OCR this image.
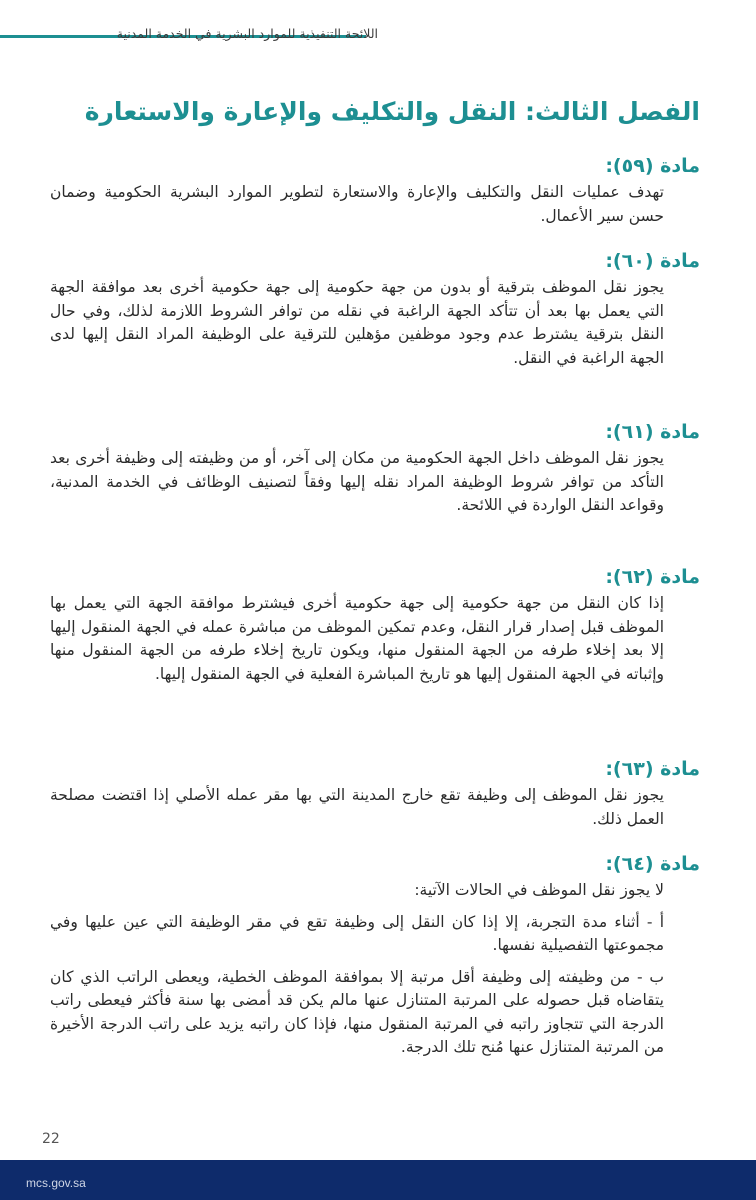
اللائحة التنفيذية للموارد البشرية في الخدمة المدنية
الفصل الثالث: النقل والتكليف والإعارة والاستعارة
مادة (٥٩):

تهدف عمليات النقل والتكليف والإعارة والاستعارة لتطوير الموارد البشرية الحكومية وضمان حسن سير الأعمال.

مادة (٦٠):

يجوز نقل الموظف بترقية أو بدون من جهة حكومية إلى جهة حكومية أخرى بعد موافقة الجهة التي يعمل بها بعد أن تتأكد الجهة الراغبة في نقله من توافر الشروط اللازمة لذلك، وفي حال النقل بترقية يشترط عدم وجود موظفين مؤهلين للترقية على الوظيفة المراد النقل إليها لدى الجهة الراغبة في النقل.

مادة (٦١):

يجوز نقل الموظف داخل الجهة الحكومية من مكان إلى آخر، أو من وظيفته إلى وظيفة أخرى بعد التأكد من توافر شروط الوظيفة المراد نقله إليها وفقاً لتصنيف الوظائف في الخدمة المدنية، وقواعد النقل الواردة في اللائحة.

مادة (٦٢):

إذا كان النقل من جهة حكومية إلى جهة حكومية أخرى فيشترط موافقة الجهة التي يعمل بها الموظف قبل إصدار قرار النقل، وعدم تمكين الموظف من مباشرة عمله في الجهة المنقول إليها إلا بعد إخلاء طرفه من الجهة المنقول منها، ويكون تاريخ إخلاء طرفه من الجهة المنقول منها وإثباته في الجهة المنقول إليها هو تاريخ المباشرة الفعلية في الجهة المنقول إليها.

مادة (٦٣):

يجوز نقل الموظف إلى وظيفة تقع خارج المدينة التي بها مقر عمله الأصلي إذا اقتضت مصلحة العمل ذلك.

مادة (٦٤):

لا يجوز نقل الموظف في الحالات الآتية:

أ - أثناء مدة التجربة، إلا إذا كان النقل إلى وظيفة تقع في مقر الوظيفة التي عين عليها وفي مجموعتها التفصيلية نفسها.

ب - من وظيفته إلى وظيفة أقل مرتبة إلا بموافقة الموظف الخطية، ويعطى الراتب الذي كان يتقاضاه قبل حصوله على المرتبة المتنازل عنها مالم يكن قد أمضى بها سنة فأكثر فيعطى راتب الدرجة التي تتجاوز راتبه في المرتبة المنقول منها، فإذا كان راتبه يزيد على راتب الدرجة الأخيرة من المرتبة المتنازل عنها مُنح تلك الدرجة.

22
mcs.gov.sa
